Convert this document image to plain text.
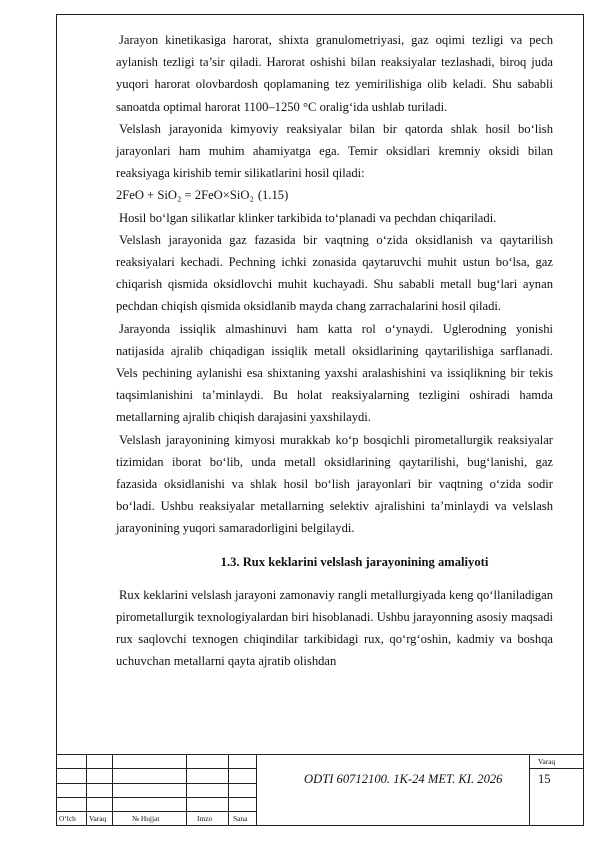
Jarayon kinetikasiga harorat, shixta granulometriyasi, gaz oqimi tezligi va pech aylanish tezligi ta’sir qiladi. Harorat oshishi bilan reaksiyalar tezlashadi, biroq juda yuqori harorat olovbardosh qoplamaning tez yemirilishiga olib keladi. Shu sababli sanoatda optimal harorat 1100–1250 °C oralig‘ida ushlab turiladi.

Velslash jarayonida kimyoviy reaksiyalar bilan bir qatorda shlak hosil bo‘lish jarayonlari ham muhim ahamiyatga ega. Temir oksidlari kremniy oksidi bilan reaksiyaga kirishib temir silikatlarini hosil qiladi:

2FeO + SiO₂ = 2FeO×SiO₂ (1.15)

Hosil bo‘lgan silikatlar klinker tarkibida to‘planadi va pechdan chiqariladi.

Velslash jarayonida gaz fazasida bir vaqtning o‘zida oksidlanish va qaytarilish reaksiyalari kechadi. Pechning ichki zonasida qaytaruvchi muhit ustun bo‘lsa, gaz chiqarish qismida oksidlovchi muhit kuchayadi. Shu sababli metall bug‘lari aynan pechdan chiqish qismida oksidlanib mayda chang zarrachalarini hosil qiladi.

Jarayonda issiqlik almashinuvi ham katta rol o‘ynaydi. Uglerodning yonishi natijasida ajralib chiqadigan issiqlik metall oksidlarining qaytarilishiga sarflanadi. Vels pechining aylanishi esa shixtaning yaxshi aralashishini va issiqlikning bir tekis taqsimlanishini ta’minlaydi. Bu holat reaksiyalarning tezligini oshiradi hamda metallarning ajralib chiqish darajasini yaxshilaydi.

Velslash jarayonining kimyosi murakkab ko‘p bosqichli pirometallurgik reaksiyalar tizimidan iborat bo‘lib, unda metall oksidlarining qaytarilishi, bug‘lanishi, gaz fazasida oksidlanishi va shlak hosil bo‘lish jarayonlari bir vaqtning o‘zida sodir bo‘ladi. Ushbu reaksiyalar metallarning selektiv ajralishini ta’minlaydi va velslash jarayonining yuqori samaradorligini belgilaydi.

1.3. Rux keklarini velslash jarayonining amaliyoti

Rux keklarini velslash jarayoni zamonaviy rangli metallurgiyada keng qo‘llaniladigan pirometallurgik texnologiyalardan biri hisoblanadi. Ushbu jarayonning asosiy maqsadi rux saqlovchi texnogen chiqindilar tarkibidagi rux, qo‘rg‘oshin, kadmiy va boshqa uchuvchan metallarni qayta ajratib olishdan

O‘lch Varaq	№ Hujjat	Imzo	Sana
ODTI 60712100. 1K-24 MET. KI. 2026
Varaq
15
